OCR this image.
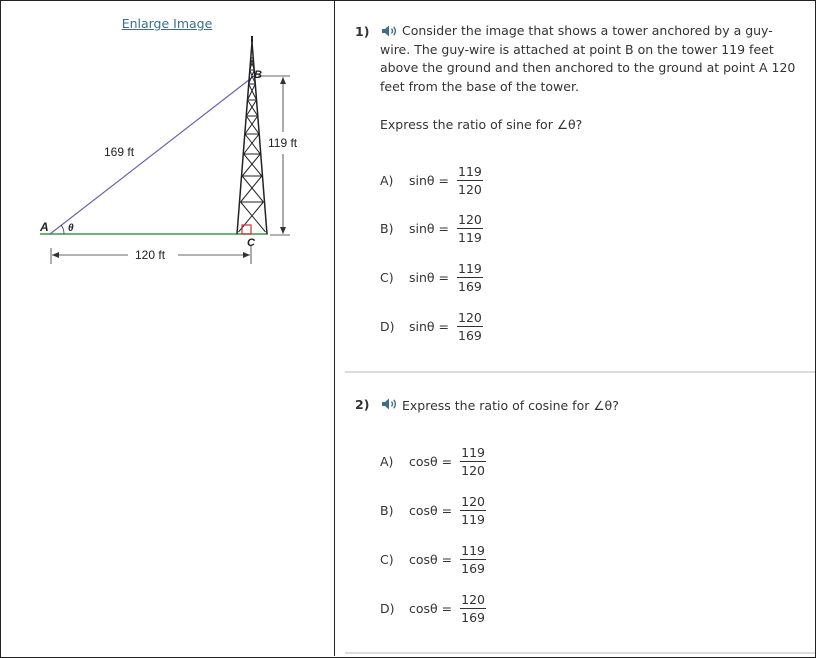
Enlarge Image
169 ft
119 ft
120 ft
A θ
B
C
1)	Consider the image that shows a tower anchored by a guy-wire. The guy-wire is attached at point B on the tower 119 feet above the ground and then anchored to the ground at point A 120 feet from the base of the tower.
Express the ratio of sine for ∠θ?
A)	$\sin\theta = \frac{119}{120}$
B)	$\sin\theta = \frac{120}{119}$
C)	$\sin\theta = \frac{119}{169}$
D)	$\sin\theta = \frac{120}{169}$
2)	Express the ratio of cosine for ∠θ?
A)	$\cos\theta = \frac{119}{120}$
B)	$\cos\theta = \frac{120}{119}$
C)	$\cos\theta = \frac{119}{169}$
D)	$\cos\theta = \frac{120}{169}$
